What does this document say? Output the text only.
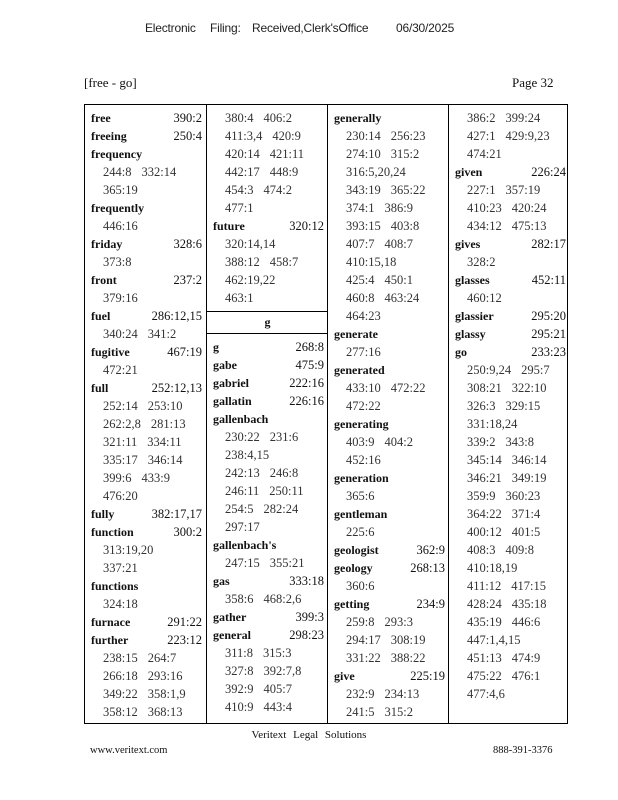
Electronic Filing: Received,Clerk'sOffice 06/30/2025
[free - go]	Page 32
free	390:2
freeing	250:4
frequency
244:8 332:14
365:19
frequently
446:16
friday	328:6
373:8
front	237:2
379:16
fuel	286:12,15
340:24 341:2
fugitive	467:19
472:21
full	252:12,13
252:14 253:10
262:2,8 281:13
321:11 334:11
335:17 346:14
399:6 433:9
476:20
fully	382:17,17
function	300:2
313:19,20
337:21
functions
324:18
furnace	291:22
further	223:12
238:15 264:7
266:18 293:16
349:22 358:1,9
358:12 368:13
380:4 406:2
411:3,4 420:9
420:14 421:11
442:17 448:9
454:3 474:2
477:1
future	320:12
320:14,14
388:12 458:7
462:19,22
463:1
g
g	268:8
gabe	475:9
gabriel	222:16
gallatin	226:16
gallenbach
230:22 231:6
238:4,15
242:13 246:8
246:11 250:11
254:5 282:24
297:17
gallenbach's
247:15 355:21
gas	333:18
358:6 468:2,6
gather	399:3
general	298:23
311:8 315:3
327:8 392:7,8
392:9 405:7
410:9 443:4
generally
230:14 256:23
274:10 315:2
316:5,20,24
343:19 365:22
374:1 386:9
393:15 403:8
407:7 408:7
410:15,18
425:4 450:1
460:8 463:24
464:23
generate
277:16
generated
433:10 472:22
472:22
generating
403:9 404:2
452:16
generation
365:6
gentleman
225:6
geologist	362:9
geology	268:13
360:6
getting	234:9
259:8 293:3
294:17 308:19
331:22 388:22
give	225:19
232:9 234:13
241:5 315:2
386:2 399:24
427:1 429:9,23
474:21
given	226:24
227:1 357:19
410:23 420:24
434:12 475:13
gives	282:17
328:2
glasses	452:11
460:12
glassier	295:20
glassy	295:21
go	233:23
250:9,24 295:7
308:21 322:10
326:3 329:15
331:18,24
339:2 343:8
345:14 346:14
346:21 349:19
359:9 360:23
364:22 371:4
400:12 401:5
408:3 409:8
410:18,19
411:12 417:15
428:24 435:18
435:19 446:6
447:1,4,15
451:13 474:9
475:22 476:1
477:4,6
Veritext Legal Solutions
www.veritext.com	888-391-3376
